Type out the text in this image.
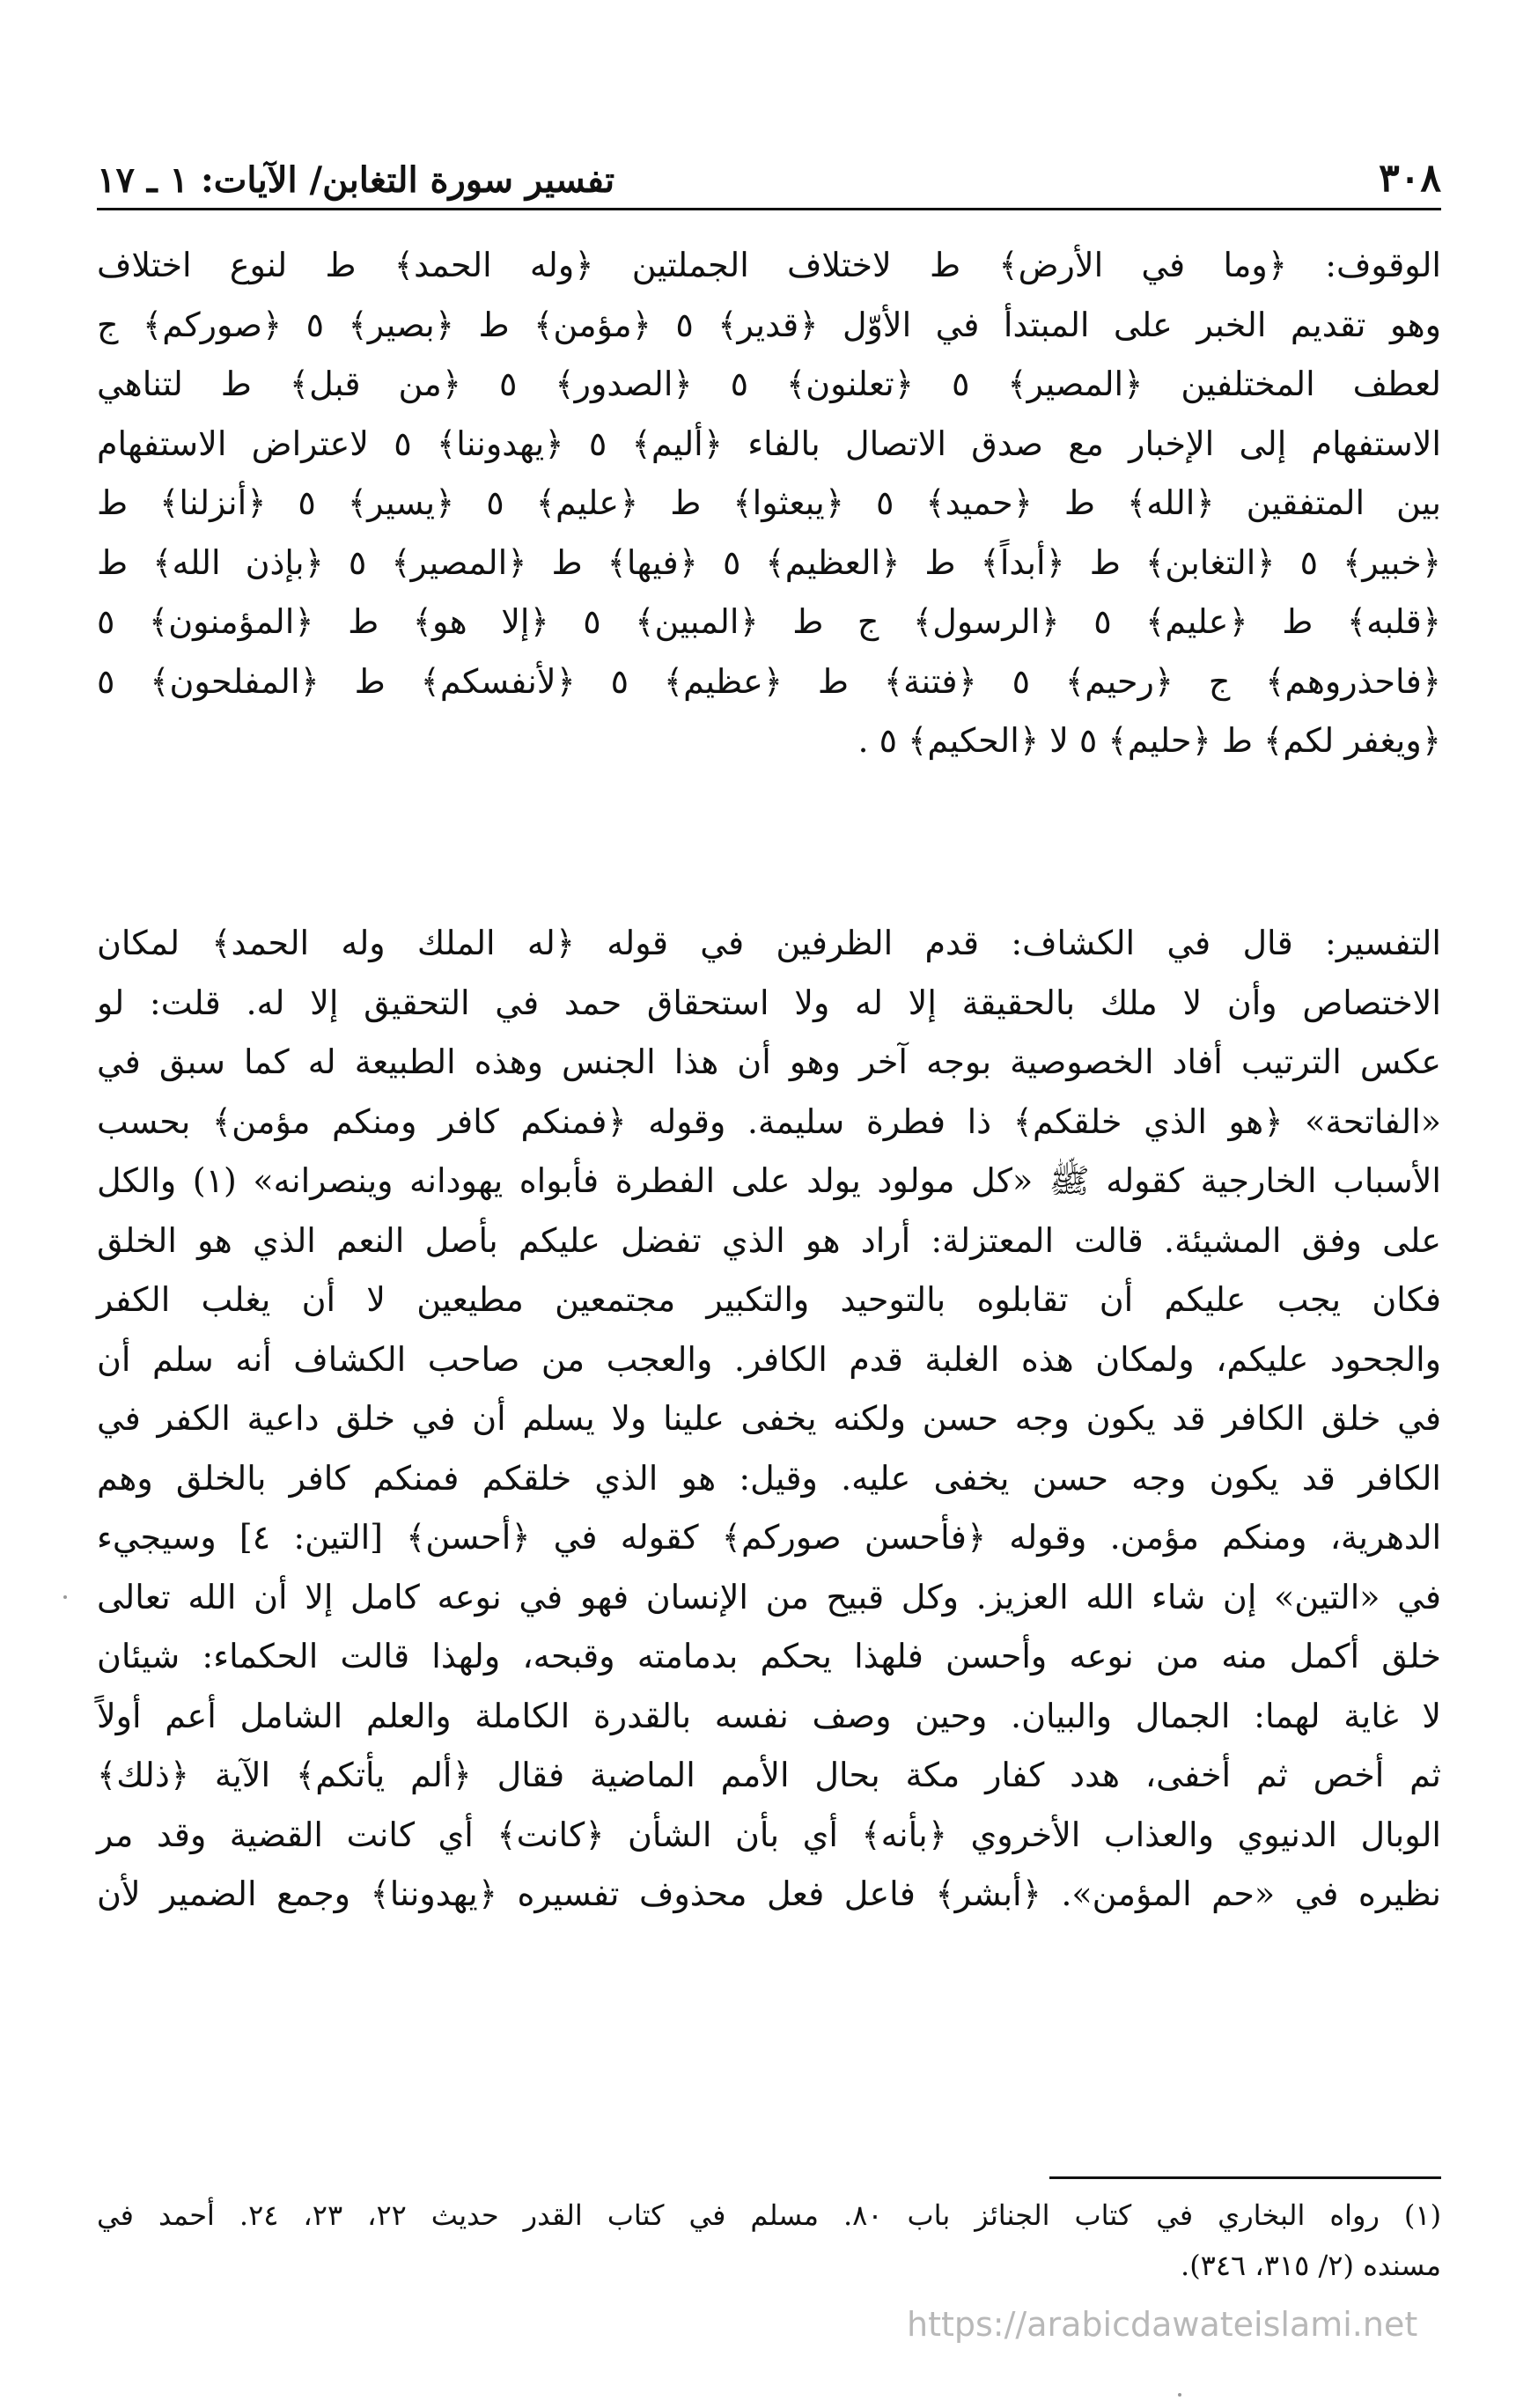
٣٠٨
تفسير سورة التغابن/ الآيات: ١ ـ ١٧
الوقوف: ﴿وما في الأرض﴾ ط لاختلاف الجملتين ﴿وله الحمد﴾ ط لنوع اختلاف
وهو تقديم الخبر على المبتدأ في الأوّل ﴿قدير﴾ ٥ ﴿مؤمن﴾ ط ﴿بصير﴾ ٥ ﴿صوركم﴾ ج
لعطف المختلفين ﴿المصير﴾ ٥ ﴿تعلنون﴾ ٥ ﴿الصدور﴾ ٥ ﴿من قبل﴾ ط لتناهي
الاستفهام إلى الإخبار مع صدق الاتصال بالفاء ﴿أليم﴾ ٥ ﴿يهدوننا﴾ ٥ لاعتراض الاستفهام
بين المتفقين ﴿الله﴾ ط ﴿حميد﴾ ٥ ﴿يبعثوا﴾ ط ﴿عليم﴾ ٥ ﴿يسير﴾ ٥ ﴿أنزلنا﴾ ط
﴿خبير﴾ ٥ ﴿التغابن﴾ ط ﴿أبداً﴾ ط ﴿العظيم﴾ ٥ ﴿فيها﴾ ط ﴿المصير﴾ ٥ ﴿بإذن الله﴾ ط
﴿قلبه﴾ ط ﴿عليم﴾ ٥ ﴿الرسول﴾ ج ط ﴿المبين﴾ ٥ ﴿إلا هو﴾ ط ﴿المؤمنون﴾ ٥
﴿فاحذروهم﴾ ج ﴿رحيم﴾ ٥ ﴿فتنة﴾ ط ﴿عظيم﴾ ٥ ﴿لأنفسكم﴾ ط ﴿المفلحون﴾ ٥
﴿ويغفر لكم﴾ ط ﴿حليم﴾ ٥ لا ﴿الحكيم﴾ ٥ .
التفسير: قال في الكشاف: قدم الظرفين في قوله ﴿له الملك وله الحمد﴾ لمكان
الاختصاص وأن لا ملك بالحقيقة إلا له ولا استحقاق حمد في التحقيق إلا له. قلت: لو
عكس الترتيب أفاد الخصوصية بوجه آخر وهو أن هذا الجنس وهذه الطبيعة له كما سبق في
«الفاتحة» ﴿هو الذي خلقكم﴾ ذا فطرة سليمة. وقوله ﴿فمنكم كافر ومنكم مؤمن﴾ بحسب
الأسباب الخارجية كقوله ﷺ «كل مولود يولد على الفطرة فأبواه يهودانه وينصرانه» (١) والكل
على وفق المشيئة. قالت المعتزلة: أراد هو الذي تفضل عليكم بأصل النعم الذي هو الخلق
فكان يجب عليكم أن تقابلوه بالتوحيد والتكبير مجتمعين مطيعين لا أن يغلب الكفر
والجحود عليكم، ولمكان هذه الغلبة قدم الكافر. والعجب من صاحب الكشاف أنه سلم أن
في خلق الكافر قد يكون وجه حسن ولكنه يخفى علينا ولا يسلم أن في خلق داعية الكفر في
الكافر قد يكون وجه حسن يخفى عليه. وقيل: هو الذي خلقكم فمنكم كافر بالخلق وهم
الدهرية، ومنكم مؤمن. وقوله ﴿فأحسن صوركم﴾ كقوله في ﴿أحسن﴾ [التين: ٤] وسيجيء
في «التين» إن شاء الله العزيز. وكل قبيح من الإنسان فهو في نوعه كامل إلا أن الله تعالى
خلق أكمل منه من نوعه وأحسن فلهذا يحكم بدمامته وقبحه، ولهذا قالت الحكماء: شيئان
لا غاية لهما: الجمال والبيان. وحين وصف نفسه بالقدرة الكاملة والعلم الشامل أعم أولاً
ثم أخص ثم أخفى، هدد كفار مكة بحال الأمم الماضية فقال ﴿ألم يأتكم﴾ الآية ﴿ذلك﴾
الوبال الدنيوي والعذاب الأخروي ﴿بأنه﴾ أي بأن الشأن ﴿كانت﴾ أي كانت القضية وقد مر
نظيره في «حم المؤمن». ﴿أبشر﴾ فاعل فعل محذوف تفسيره ﴿يهدوننا﴾ وجمع الضمير لأن
(١) رواه البخاري في كتاب الجنائز باب ٨٠. مسلم في كتاب القدر حديث ٢٢، ٢٣، ٢٤. أحمد في
مسنده (٢/ ٣١٥، ٣٤٦).
https://arabicdawateislami.net
